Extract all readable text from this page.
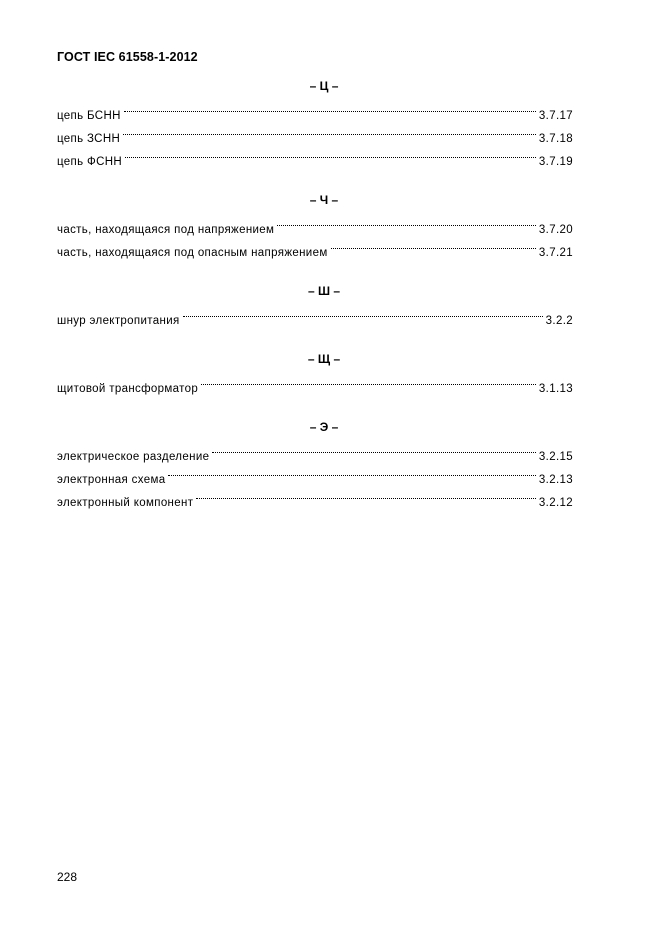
ГОСТ IEC 61558-1-2012
– Ц –
цепь БСНН	3.7.17
цепь ЗСНН	3.7.18
цепь ФСНН	3.7.19
– Ч –
часть, находящаяся под напряжением	3.7.20
часть, находящаяся под опасным напряжением	3.7.21
– Ш –
шнур электропитания	3.2.2
– Щ –
щитовой трансформатор	3.1.13
– Э –
электрическое разделение	3.2.15
электронная схема	3.2.13
электронный компонент	3.2.12
228
